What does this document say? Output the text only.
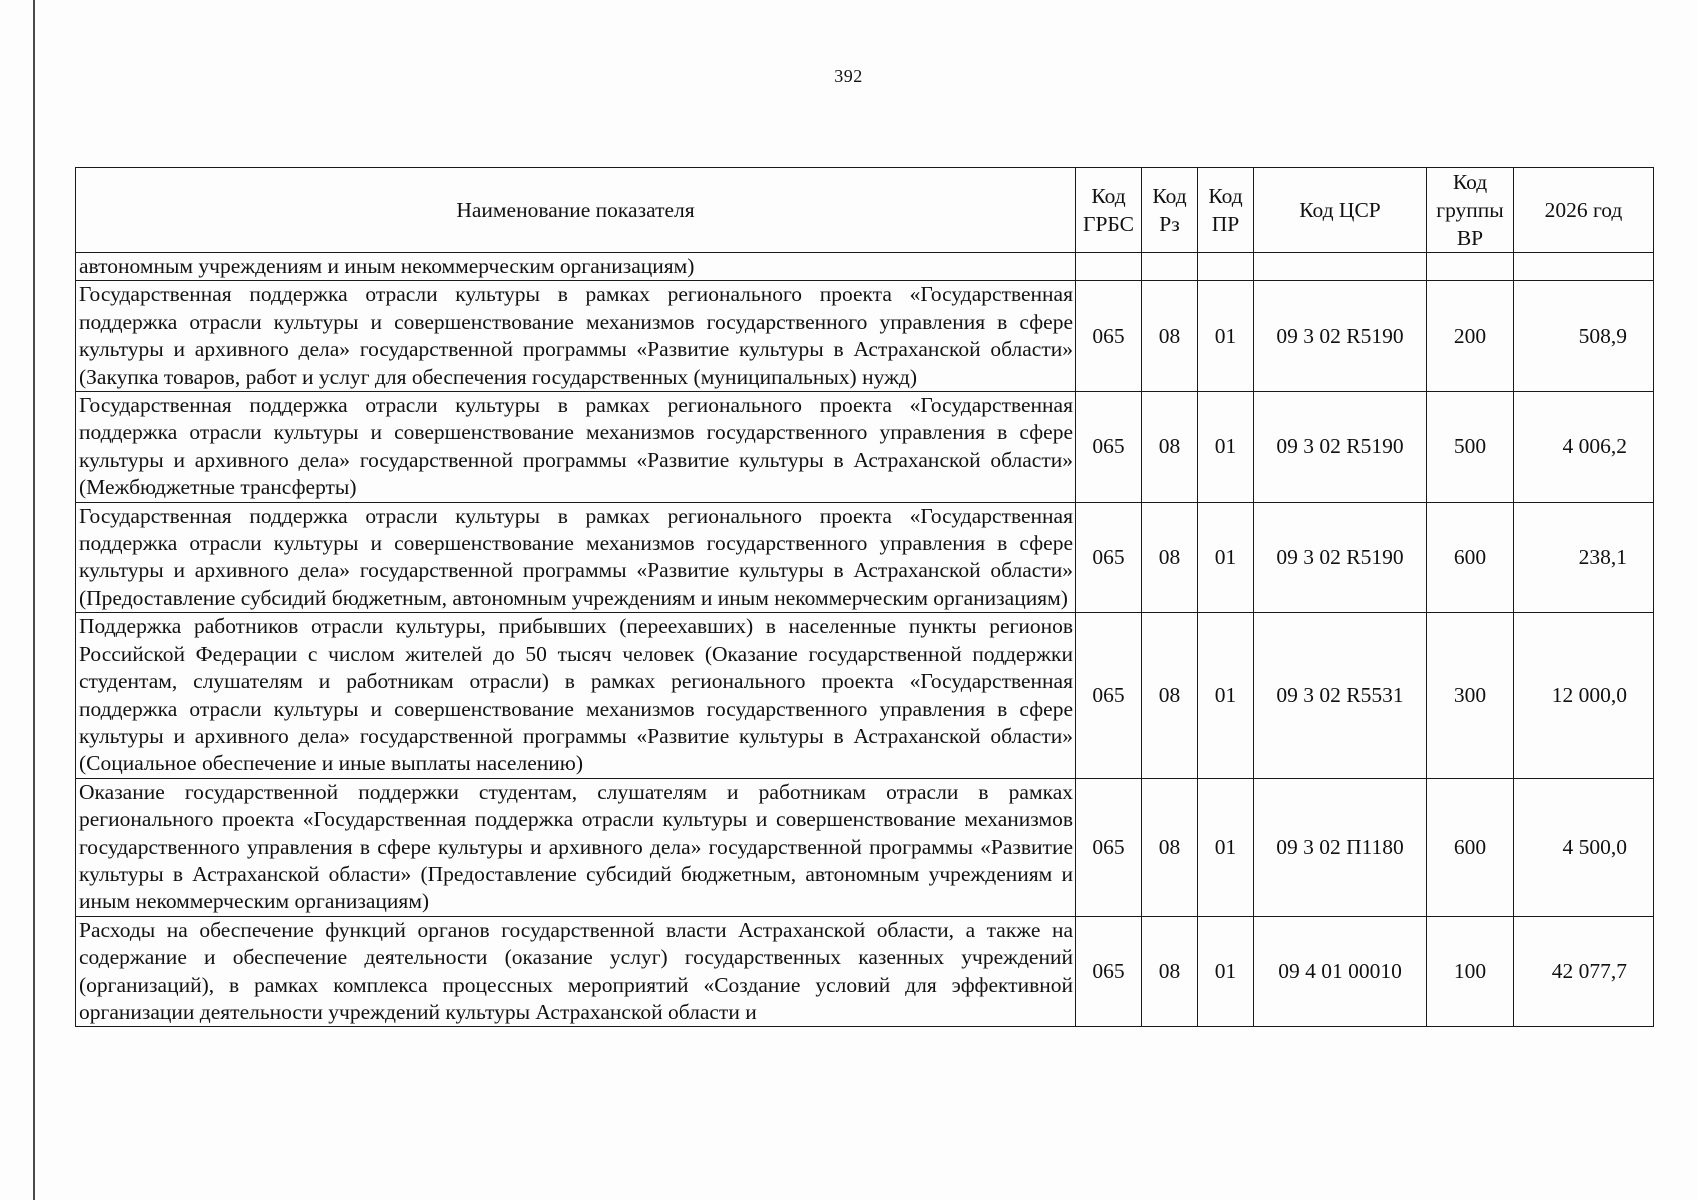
392
Наименование показателя	Код ГРБС	Код Рз	Код ПР	Код ЦСР	Код группы ВР	2026 год
автономным учреждениям и иным некоммерческим организациям)						
Государственная поддержка отрасли культуры в рамках регионального проекта «Государственная поддержка отрасли культуры и совершенствование механизмов государственного управления в сфере культуры и архивного дела» государственной программы «Развитие культуры в Астраханской области» (Закупка товаров, работ и услуг для обеспечения государственных (муниципальных) нужд)	065	08	01	09 3 02 R5190	200	508,9
Государственная поддержка отрасли культуры в рамках регионального проекта «Государственная поддержка отрасли культуры и совершенствование механизмов государственного управления в сфере культуры и архивного дела» государственной программы «Развитие культуры в Астраханской области» (Межбюджетные трансферты)	065	08	01	09 3 02 R5190	500	4 006,2
Государственная поддержка отрасли культуры в рамках регионального проекта «Государственная поддержка отрасли культуры и совершенствование механизмов государственного управления в сфере культуры и архивного дела» государственной программы «Развитие культуры в Астраханской области» (Предоставление субсидий бюджетным, автономным учреждениям и иным некоммерческим организациям)	065	08	01	09 3 02 R5190	600	238,1
Поддержка работников отрасли культуры, прибывших (переехавших) в населенные пункты регионов Российской Федерации с числом жителей до 50 тысяч человек (Оказание государственной поддержки студентам, слушателям и работникам отрасли) в рамках регионального проекта «Государственная поддержка отрасли культуры и совершенствование механизмов государственного управления в сфере культуры и архивного дела» государственной программы «Развитие культуры в Астраханской области» (Социальное обеспечение и иные выплаты населению)	065	08	01	09 3 02 R5531	300	12 000,0
Оказание государственной поддержки студентам, слушателям и работникам отрасли в рамках регионального проекта «Государственная поддержка отрасли культуры и совершенствование механизмов государственного управления в сфере культуры и архивного дела» государственной программы «Развитие культуры в Астраханской области» (Предоставление субсидий бюджетным, автономным учреждениям и иным некоммерческим организациям)	065	08	01	09 3 02 П1180	600	4 500,0
Расходы на обеспечение функций органов государственной власти Астраханской области, а также на содержание и обеспечение деятельности (оказание услуг) государственных казенных учреждений (организаций), в рамках комплекса процессных мероприятий «Создание условий для эффективной организации деятельности учреждений культуры Астраханской области и	065	08	01	09 4 01 00010	100	42 077,7
